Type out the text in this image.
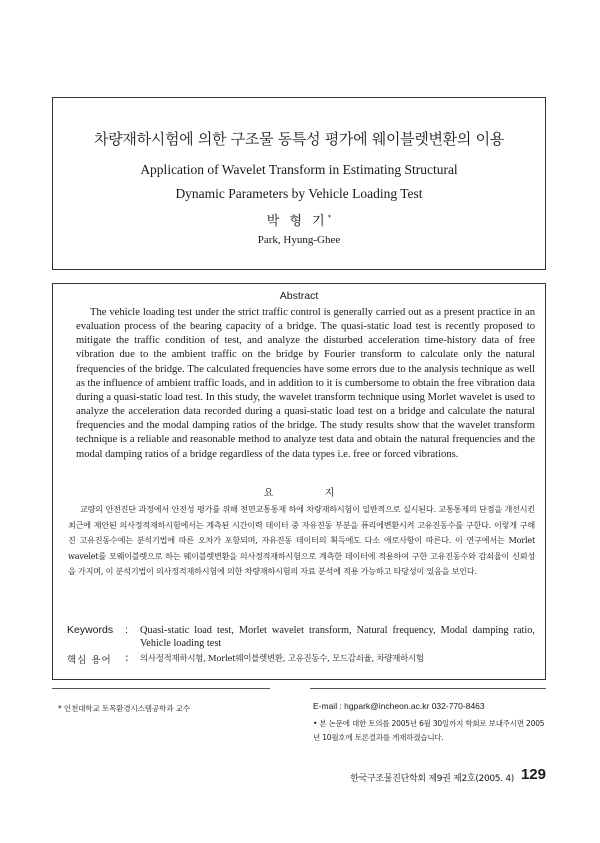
차량재하시험에 의한 구조물 동특성 평가에 웨이블렛변환의 이용
Application of Wavelet Transform in Estimating Structural
Dynamic Parameters by Vehicle Loading Test
박 형 기*
Park, Hyung-Ghee
Abstract

The vehicle loading test under the strict traffic control is generally carried out as a present practice in an evaluation process of the bearing capacity of a bridge. The quasi-static load test is recently proposed to mitigate the traffic condition of test, and analyze the disturbed acceleration time-history data of free vibration due to the ambient traffic on the bridge by Fourier transform to calculate only the natural frequencies of the bridge. The calculated frequencies have some errors due to the analysis technique as well as the influence of ambient traffic loads, and in addition to it is cumbersome to obtain the free vibration data during a quasi-static load test. In this study, the wavelet transform technique using Morlet wavelet is used to analyze the acceleration data recorded during a quasi-static load test on a bridge and calculate the natural frequencies and the modal damping ratios of the bridge. The study results show that the wavelet transform technique is a reliable and reasonable method to analyze test data and obtain the natural frequencies and the modal damping ratios of a bridge regardless of the data types i.e. free or forced vibrations.

요 지

교량의 안전진단 과정에서 안전성 평가를 위해 전면교통통제 하에 차량재하시험이 일반적으로 실시된다. 교통통제의 단점을 개선시킨 최근에 제안된 의사정적재하시험에서는 계측된 시간이력 데이터 중 자유진동 부분을 퓨리에변환시켜 고유진동수를 구한다. 이렇게 구해진 고유진동수에는 분석기법에 따른 오차가 포함되며, 자유진동 데이터의 획득에도 다소 애로사항이 따른다. 이 연구에서는 Morlet wavelet를 모웨이블렛으로 하는 웨이블렛변환을 의사정적재하시험으로 계측한 데이터에 적용하여 구한 고유진동수와 감쇠율이 신뢰성을 가지며, 이 분석기법이 의사정적재하시험에 의한 차량재하시험의 자료 분석에 적용 가능하고 타당성이 있음을 보인다.

Keywords : Quasi-static load test, Morlet wavelet transform, Natural frequency, Modal damping ratio, Vehicle loading test
핵심 용어 : 의사정적재하시험, Morlet웨이블렛변환, 고유진동수, 모드감쇠율, 차량재하시험
* 인천대학교 토목환경시스템공학과 교수	E-mail : hgpark@incheon.ac.kr 032-770-8463

• 본 논문에 대한 토의를 2005년 6월 30일까지 학회로 보내주시면 2005년 10월호에 토론결과를 게재하겠습니다.

한국구조물진단학회 제9권 제2호(2005. 4) 129
